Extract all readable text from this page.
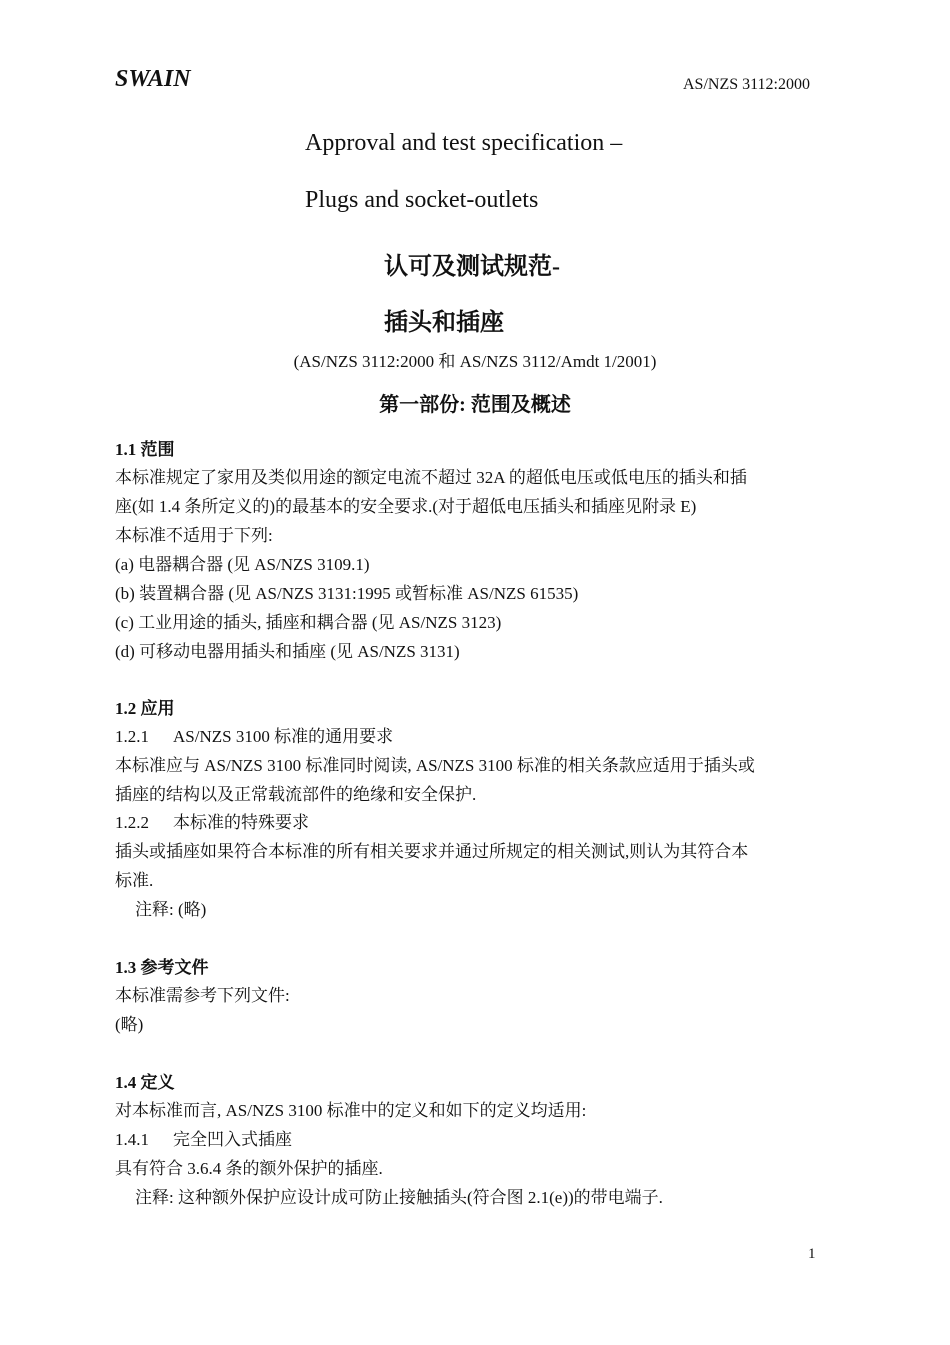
SWAIN	AS/NZS 3112:2000
Approval and test specification –
Plugs and socket-outlets
认可及测试规范-
插头和插座
(AS/NZS 3112:2000 和 AS/NZS 3112/Amdt 1/2001)
第一部份: 范围及概述
1.1 范围
本标准规定了家用及类似用途的额定电流不超过 32A 的超低电压或低电压的插头和插
座(如 1.4 条所定义的)的最基本的安全要求.(对于超低电压插头和插座见附录 E)
本标准不适用于下列:
(a) 电器耦合器 (见 AS/NZS 3109.1)
(b) 装置耦合器 (见 AS/NZS 3131:1995 或暂标准 AS/NZS 61535)
(c) 工业用途的插头, 插座和耦合器 (见 AS/NZS 3123)
(d) 可移动电器用插头和插座 (见 AS/NZS 3131)
1.2 应用
1.2.1 AS/NZS 3100 标准的通用要求
本标准应与 AS/NZS 3100 标准同时阅读, AS/NZS 3100 标准的相关条款应适用于插头或
插座的结构以及正常载流部件的绝缘和安全保护.
1.2.2 本标准的特殊要求
插头或插座如果符合本标准的所有相关要求并通过所规定的相关测试,则认为其符合本
标准.
注释: (略)
1.3 参考文件
本标准需参考下列文件:
(略)
1.4 定义
对本标准而言, AS/NZS 3100 标准中的定义和如下的定义均适用:
1.4.1 完全凹入式插座
具有符合 3.6.4 条的额外保护的插座.
注释: 这种额外保护应设计成可防止接触插头(符合图 2.1(e))的带电端子.
1
